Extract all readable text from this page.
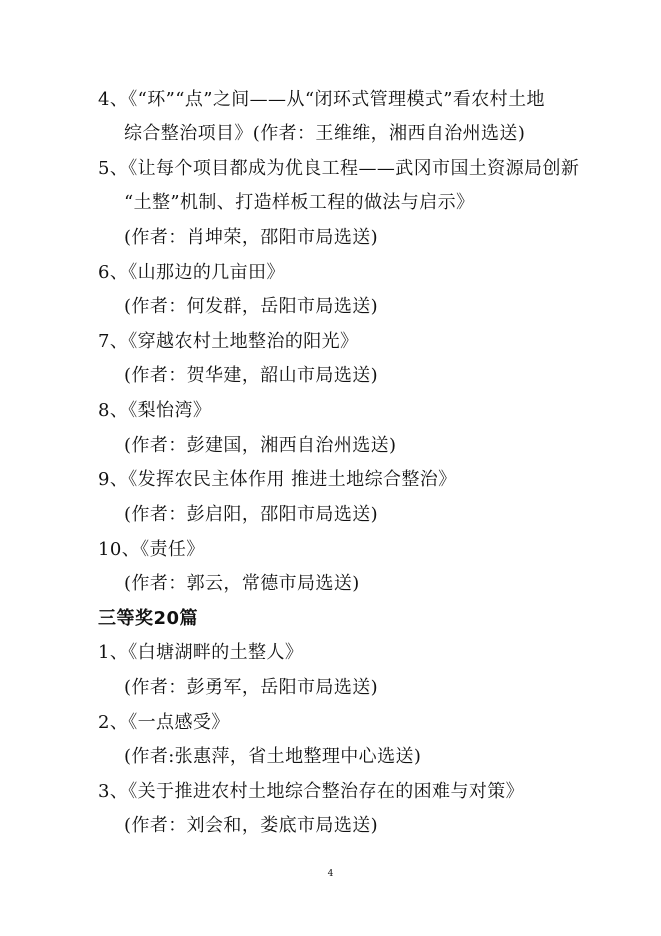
4、《“环”“点”之间——从“闭环式管理模式”看农村土地
综合整治项目》(作者：王维维，湘西自治州选送)
5、《让每个项目都成为优良工程——武冈市国土资源局创新
“土整”机制、打造样板工程的做法与启示》
(作者：肖坤荣，邵阳市局选送)
6、《山那边的几亩田》
(作者：何发群，岳阳市局选送)
7、《穿越农村土地整治的阳光》
(作者：贺华建，韶山市局选送)
8、《梨怡湾》
(作者：彭建国，湘西自治州选送)
9、《发挥农民主体作用 推进土地综合整治》
(作者：彭启阳，邵阳市局选送)
10、《责任》
(作者：郭云，常德市局选送)
三等奖20篇
1、《白塘湖畔的土整人》
(作者：彭勇军，岳阳市局选送)
2、《一点感受》
(作者:张惠萍，省土地整理中心选送)
3、《关于推进农村土地综合整治存在的困难与对策》
(作者：刘会和，娄底市局选送)
4
